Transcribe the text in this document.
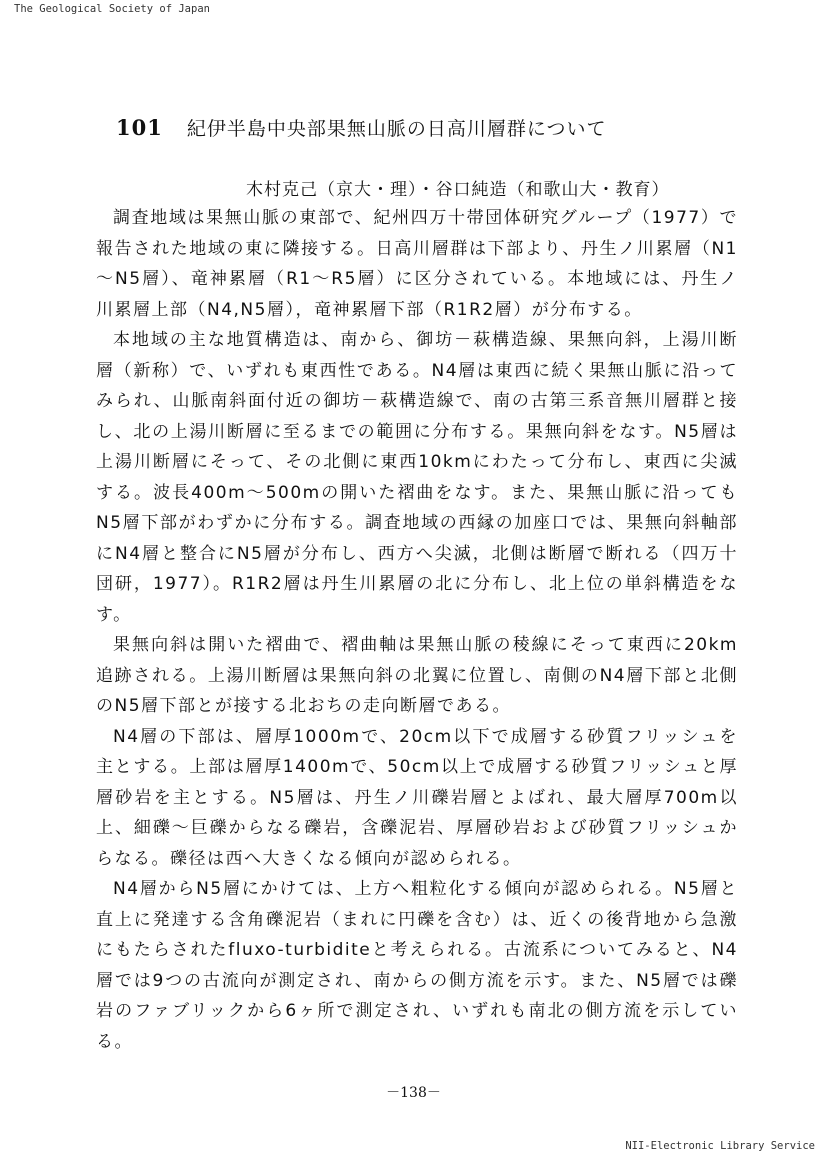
The Geological Society of Japan
101 紀伊半島中央部果無山脈の日高川層群について
木村克己（京大・理）・谷口純造（和歌山大・教育）

調査地域は果無山脈の東部で、紀州四万十帯団体研究グループ（1977）で報告された地域の東に隣接する。日高川層群は下部より、丹生ノ川累層（N1～N5層）、竜神累層（R1～R5層）に区分されている。本地域には、丹生ノ川累層上部（N4,N5層），竜神累層下部（R1R2層）が分布する。

本地域の主な地質構造は、南から、御坊－萩構造線、果無向斜，上湯川断層（新称）で、いずれも東西性である。N4層は東西に続く果無山脈に沿ってみられ、山脈南斜面付近の御坊－萩構造線で、南の古第三系音無川層群と接し、北の上湯川断層に至るまでの範囲に分布する。果無向斜をなす。N5層は上湯川断層にそって、その北側に東西10kmにわたって分布し、東西に尖滅する。波長400m～500mの開いた褶曲をなす。また、果無山脈に沿ってもN5層下部がわずかに分布する。調査地域の西縁の加座口では、果無向斜軸部にN4層と整合にN5層が分布し、西方へ尖滅，北側は断層で断れる（四万十団研，1977）。R1R2層は丹生川累層の北に分布し、北上位の単斜構造をなす。

果無向斜は開いた褶曲で、褶曲軸は果無山脈の稜線にそって東西に20km追跡される。上湯川断層は果無向斜の北翼に位置し、南側のN4層下部と北側のN5層下部とが接する北おちの走向断層である。

N4層の下部は、層厚1000mで、20cm以下で成層する砂質フリッシュを主とする。上部は層厚1400mで、50cm以上で成層する砂質フリッシュと厚層砂岩を主とする。N5層は、丹生ノ川礫岩層とよばれ、最大層厚700m以上、細礫～巨礫からなる礫岩，含礫泥岩、厚層砂岩および砂質フリッシュからなる。礫径は西へ大きくなる傾向が認められる。

N4層からN5層にかけては、上方へ粗粒化する傾向が認められる。N5層と直上に発達する含角礫泥岩（まれに円礫を含む）は、近くの後背地から急激にもたらされたfluxo-turbiditeと考えられる。古流系についてみると、N4層では9つの古流向が測定され、南からの側方流を示す。また、N5層では礫岩のファブリックから6ヶ所で測定され、いずれも南北の側方流を示している。

－138－
NII-Electronic Library Service
